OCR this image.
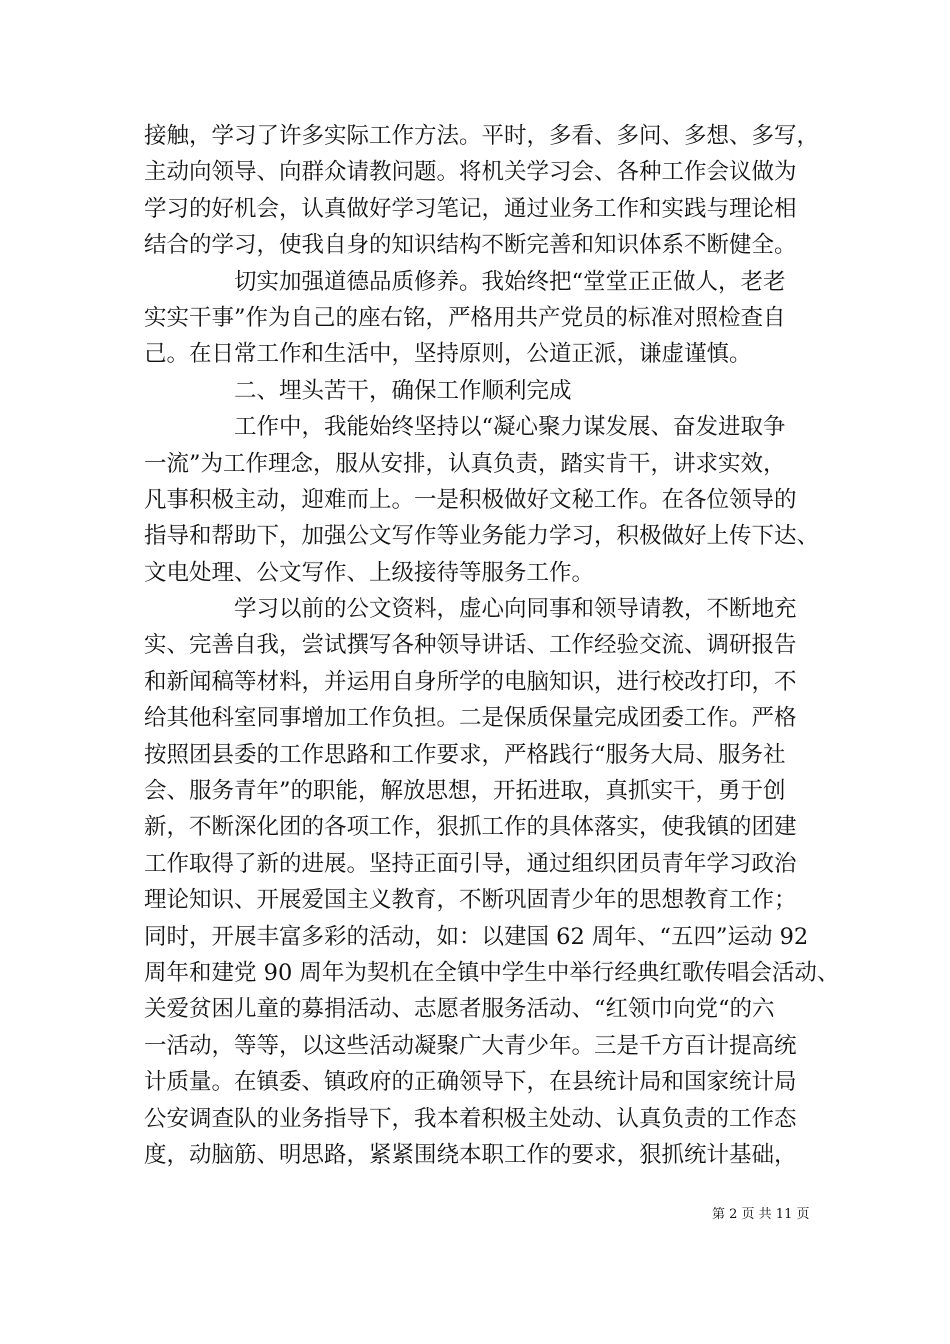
接触，学习了许多实际工作方法。平时，多看、多问、多想、多写，
主动向领导、向群众请教问题。将机关学习会、各种工作会议做为
学习的好机会，认真做好学习笔记，通过业务工作和实践与理论相
结合的学习，使我自身的知识结构不断完善和知识体系不断健全。
　　　　切实加强道德品质修养。我始终把“堂堂正正做人，老老
实实干事”作为自己的座右铭，严格用共产党员的标准对照检查自
己。在日常工作和生活中，坚持原则，公道正派，谦虚谨慎。
　　　　二、埋头苦干，确保工作顺利完成
　　　　工作中，我能始终坚持以“凝心聚力谋发展、奋发进取争
一流”为工作理念，服从安排，认真负责，踏实肯干，讲求实效，
凡事积极主动，迎难而上。一是积极做好文秘工作。在各位领导的
指导和帮助下，加强公文写作等业务能力学习，积极做好上传下达、
文电处理、公文写作、上级接待等服务工作。
　　　　学习以前的公文资料，虚心向同事和领导请教，不断地充
实、完善自我，尝试撰写各种领导讲话、工作经验交流、调研报告
和新闻稿等材料，并运用自身所学的电脑知识，进行校改打印，不
给其他科室同事增加工作负担。二是保质保量完成团委工作。严格
按照团县委的工作思路和工作要求，严格践行“服务大局、服务社
会、服务青年”的职能，解放思想，开拓进取，真抓实干，勇于创
新，不断深化团的各项工作，狠抓工作的具体落实，使我镇的团建
工作取得了新的进展。坚持正面引导，通过组织团员青年学习政治
理论知识、开展爱国主义教育，不断巩固青少年的思想教育工作；
同时，开展丰富多彩的活动，如：以建国 62 周年、“五四”运动 92
周年和建党 90 周年为契机在全镇中学生中举行经典红歌传唱会活动、
关爱贫困儿童的募捐活动、志愿者服务活动、“红领巾向党“的六
一活动，等等，以这些活动凝聚广大青少年。三是千方百计提高统
计质量。在镇委、镇政府的正确领导下，在县统计局和国家统计局
公安调查队的业务指导下，我本着积极主处动、认真负责的工作态
度，动脑筋、明思路，紧紧围绕本职工作的要求，狠抓统计基础，
第 2 页 共 11 页
